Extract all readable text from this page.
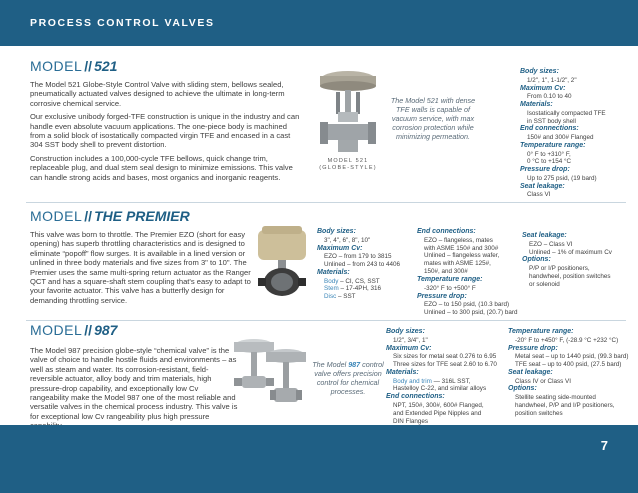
PROCESS CONTROL VALVES
MODEL // 521

The Model 521 Globe-Style Control Valve with sliding stem, bellows sealed, pneumatically actuated valves designed to achieve the ultimate in long-term corrosive chemical service.

Our exclusive unibody forged-TFE construction is unique in the industry and can handle even absolute vacuum applications. The one-piece body is machined from a solid block of isostatically compacted virgin TFE and encased in a cast 304 SST body shell to prevent distortion.

Construction includes a 100,000-cycle TFE bellows, quick change trim, replaceable plug, and dual stem seal design to minimize emissions. This valve can handle strong acids and bases, most organics and inorganic reagents.

MODEL 521
(GLOBE-STYLE)
The Model 521 with dense TFE walls is capable of vacuum service, with max corrosion protection while minimizing permeation.
Body sizes:
1/2", 1", 1-1/2", 2"
Maximum Cv:
From 0.10 to 40
Materials:
Isostatically compacted TFE
in SST body shell
End connections:
150# and 300# Flanged
Temperature range:
0° F to +310° F,
0 °C to +154 °C
Pressure drop:
Up to 275 psid, (19 bard)
Seat leakage:
Class VI
MODEL // THE PREMIER

This valve was born to throttle. The Premier EZO (short for easy opening) has superb throttling characteristics and is designed to eliminate “popoff” flow surges. It is available in a lined version or unlined in three body materials and five sizes from 3" to 10". The Premier uses the same multi-spring return actuator as the Ranger QCT and has a square-shaft stem coupling that's easy to adapt to your favorite actuator. This valve has a butterfly design for demanding throttling service.

Body sizes:
3", 4", 6", 8", 10"
Maximum Cv:
EZO – from 179 to 3815
Unlined – from 243 to 4406
Materials:
Body – CI, CS, SST
Stem – 17-4PH, 316
Disc – SST
End connections:
EZO – flangeless, mates
with ASME 150# and 300#
Unlined – flangeless wafer,
mates with ASME 125#,
150#, and 300#
Temperature range:
-320° F to +500° F
Pressure drop:
EZO – to 150 psid, (10.3 bard)
Unlined – to 300 psid, (20.7) bard
Seat leakage:
EZO – Class VI
Unlined – 1% of maximum Cv
Options:
P/P or I/P positioners,
handwheel, position switches
or solenoid
MODEL // 987

The Model 987 precision globe-style “chemical valve” is the valve of choice to handle hostile fluids and environments – as well as steam and water. Its corrosion-resistant, field-reversible actuator, alloy body and trim materials, high pressure-drop capability, and exceptionally low Cv rangeability make the Model 987 one of the most reliable and versatile valves in the chemical process industry. This valve is for exceptional low Cv rangeability plus high pressure

The Model 987 control valve offers precision control for chemical processes.
Body sizes:
1/2", 3/4", 1"
Maximum Cv:
Six sizes for metal seat 0.276 to 6.95
Three sizes for TFE seat 2.60 to 6.70
Materials:
Body and trim — 316L SST,
Hastelloy C-22, and similar alloys
End connections:
NPT, 150#, 300#, 600# Flanged,
and Extended Pipe Nipples and
DIN Flanges
Temperature range:
-20° F to +450° F, (-28.9 °C +232 °C)
Pressure drop:
Metal seat – up to 1440 psid, (99.3 bard)
TFE seat – up to 400 psid, (27.5 bard)
Seat leakage:
Class IV or Class VI
Options:
Stellite seating side-mounted
handwheel, P/P and I/P positioners,
position switches
7
